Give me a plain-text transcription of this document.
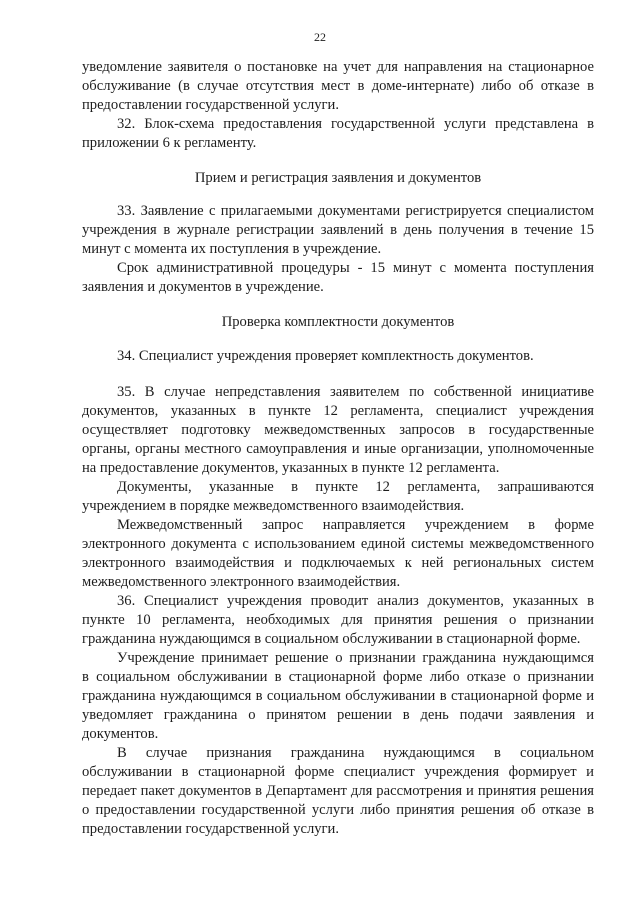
22

уведомление заявителя о постановке на учет для направления на стационарное обслуживание (в случае отсутствия мест в доме-интернате) либо об отказе в предоставлении государственной услуги.

32. Блок-схема предоставления государственной услуги представлена в приложении 6 к регламенту.

Прием и регистрация заявления и документов

33. Заявление с прилагаемыми документами регистрируется специалистом учреждения в журнале регистрации заявлений в день получения в течение 15 минут с момента их поступления в учреждение.

Срок административной процедуры - 15 минут с момента поступления заявления и документов в учреждение.

Проверка комплектности документов

34. Специалист учреждения проверяет комплектность документов.

35. В случае непредставления заявителем по собственной инициативе документов, указанных в пункте 12 регламента, специалист учреждения осуществляет подготовку межведомственных запросов в государственные органы, органы местного самоуправления и иные организации, уполномоченные на предоставление документов, указанных в пункте 12 регламента.

Документы, указанные в пункте 12 регламента, запрашиваются учреждением в порядке межведомственного взаимодействия.

Межведомственный запрос направляется учреждением в форме электронного документа с использованием единой системы межведомственного электронного взаимодействия и подключаемых к ней региональных систем межведомственного электронного взаимодействия.

36. Специалист учреждения проводит анализ документов, указанных в пункте 10 регламента, необходимых для принятия решения о признании гражданина нуждающимся в социальном обслуживании в стационарной форме.

Учреждение принимает решение о признании гражданина нуждающимся

в социальном обслуживании в стационарной форме либо отказе о признании гражданина нуждающимся в социальном обслуживании в стационарной форме и уведомляет гражданина о принятом решении в день подачи заявления и документов.

В случае признания гражданина нуждающимся в социальном обслуживании в стационарной форме специалист учреждения формирует и передает пакет документов в Департамент для рассмотрения и принятия решения о предоставлении государственной услуги либо принятия решения об отказе в предоставлении государственной услуги.
